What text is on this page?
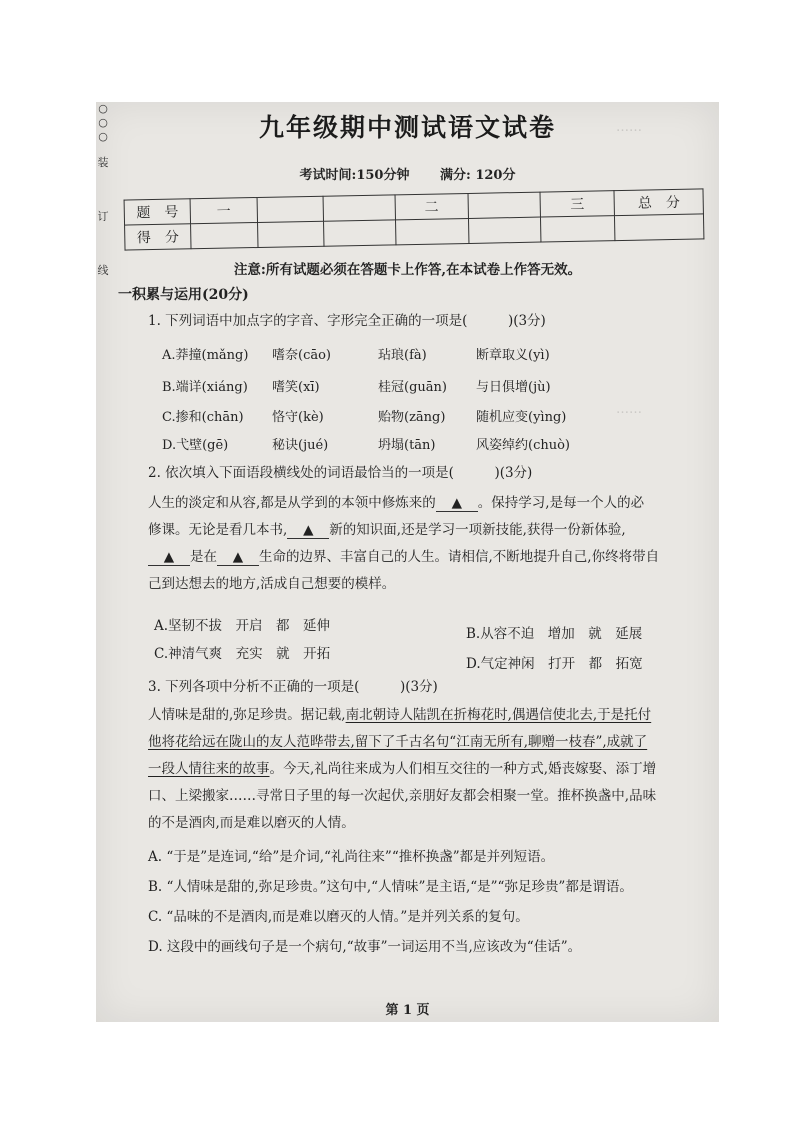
……
……
○
○
○
装
订
线
九年级期中测试语文试卷
考试时间:150分钟 满分: 120分
题　号	一			二		三	总　分
得　分							
注意:所有试题必须在答题卡上作答,在本试卷上作答无效。
一积累与运用(20分)
1. 下列词语中加点字的字音、字形完全正确的一项是(　　　)(3分)
A.莽撞(mǎng) 嗜奈(cāo)	玷琅(fà)	断章取义(yì)
B.端详(xiáng) 嗜笑(xī)	桂冠(guān) 与日俱增(jù)
C.掺和(chān) 恪守(kè)	贻物(zāng) 随机应变(yìng)
D.弋壁(gē)	秘诀(jué)	坍塌(tān)	风姿绰约(chuò)
2. 依次填入下面语段横线处的词语最恰当的一项是(　　　)(3分)
人生的淡定和从容,都是从学到的本领中修炼来的 ▲ 。保持学习,是每一个人的必
修课。无论是看几本书, ▲ 新的知识面,还是学习一项新技能,获得一份新体验,
▲ 是在 ▲ 生命的边界、丰富自己的人生。请相信,不断地提升自己,你终将带自
己到达想去的地方,活成自己想要的模样。
A.坚韧不拔　开启　都　延伸	B.从容不迫　增加　就　延展
C.神清气爽　充实　就　开拓
D.气定神闲　打开　都　拓宽
3. 下列各项中分析不正确的一项是(　　　)(3分)
人情味是甜的,弥足珍贵。据记载,南北朝诗人陆凯在折梅花时,偶遇信使北去,于是托付
他将花给远在陇山的友人范晔带去,留下了千古名句“江南无所有,聊赠一枝春”,成就了
一段人情往来的故事。今天,礼尚往来成为人们相互交往的一种方式,婚丧嫁娶、添丁增
口、上梁搬家……寻常日子里的每一次起伏,亲朋好友都会相聚一堂。推杯换盏中,品味
的不是酒肉,而是难以磨灭的人情。
A. “于是”是连词,“给”是介词,“礼尚往来”“推杯换盏”都是并列短语。
B. “人情味是甜的,弥足珍贵。”这句中,“人情味”是主语,“是”“弥足珍贵”都是谓语。
C. “品味的不是酒肉,而是难以磨灭的人情。”是并列关系的复句。
D. 这段中的画线句子是一个病句,“故事”一词运用不当,应该改为“佳话”。
第 1 页
